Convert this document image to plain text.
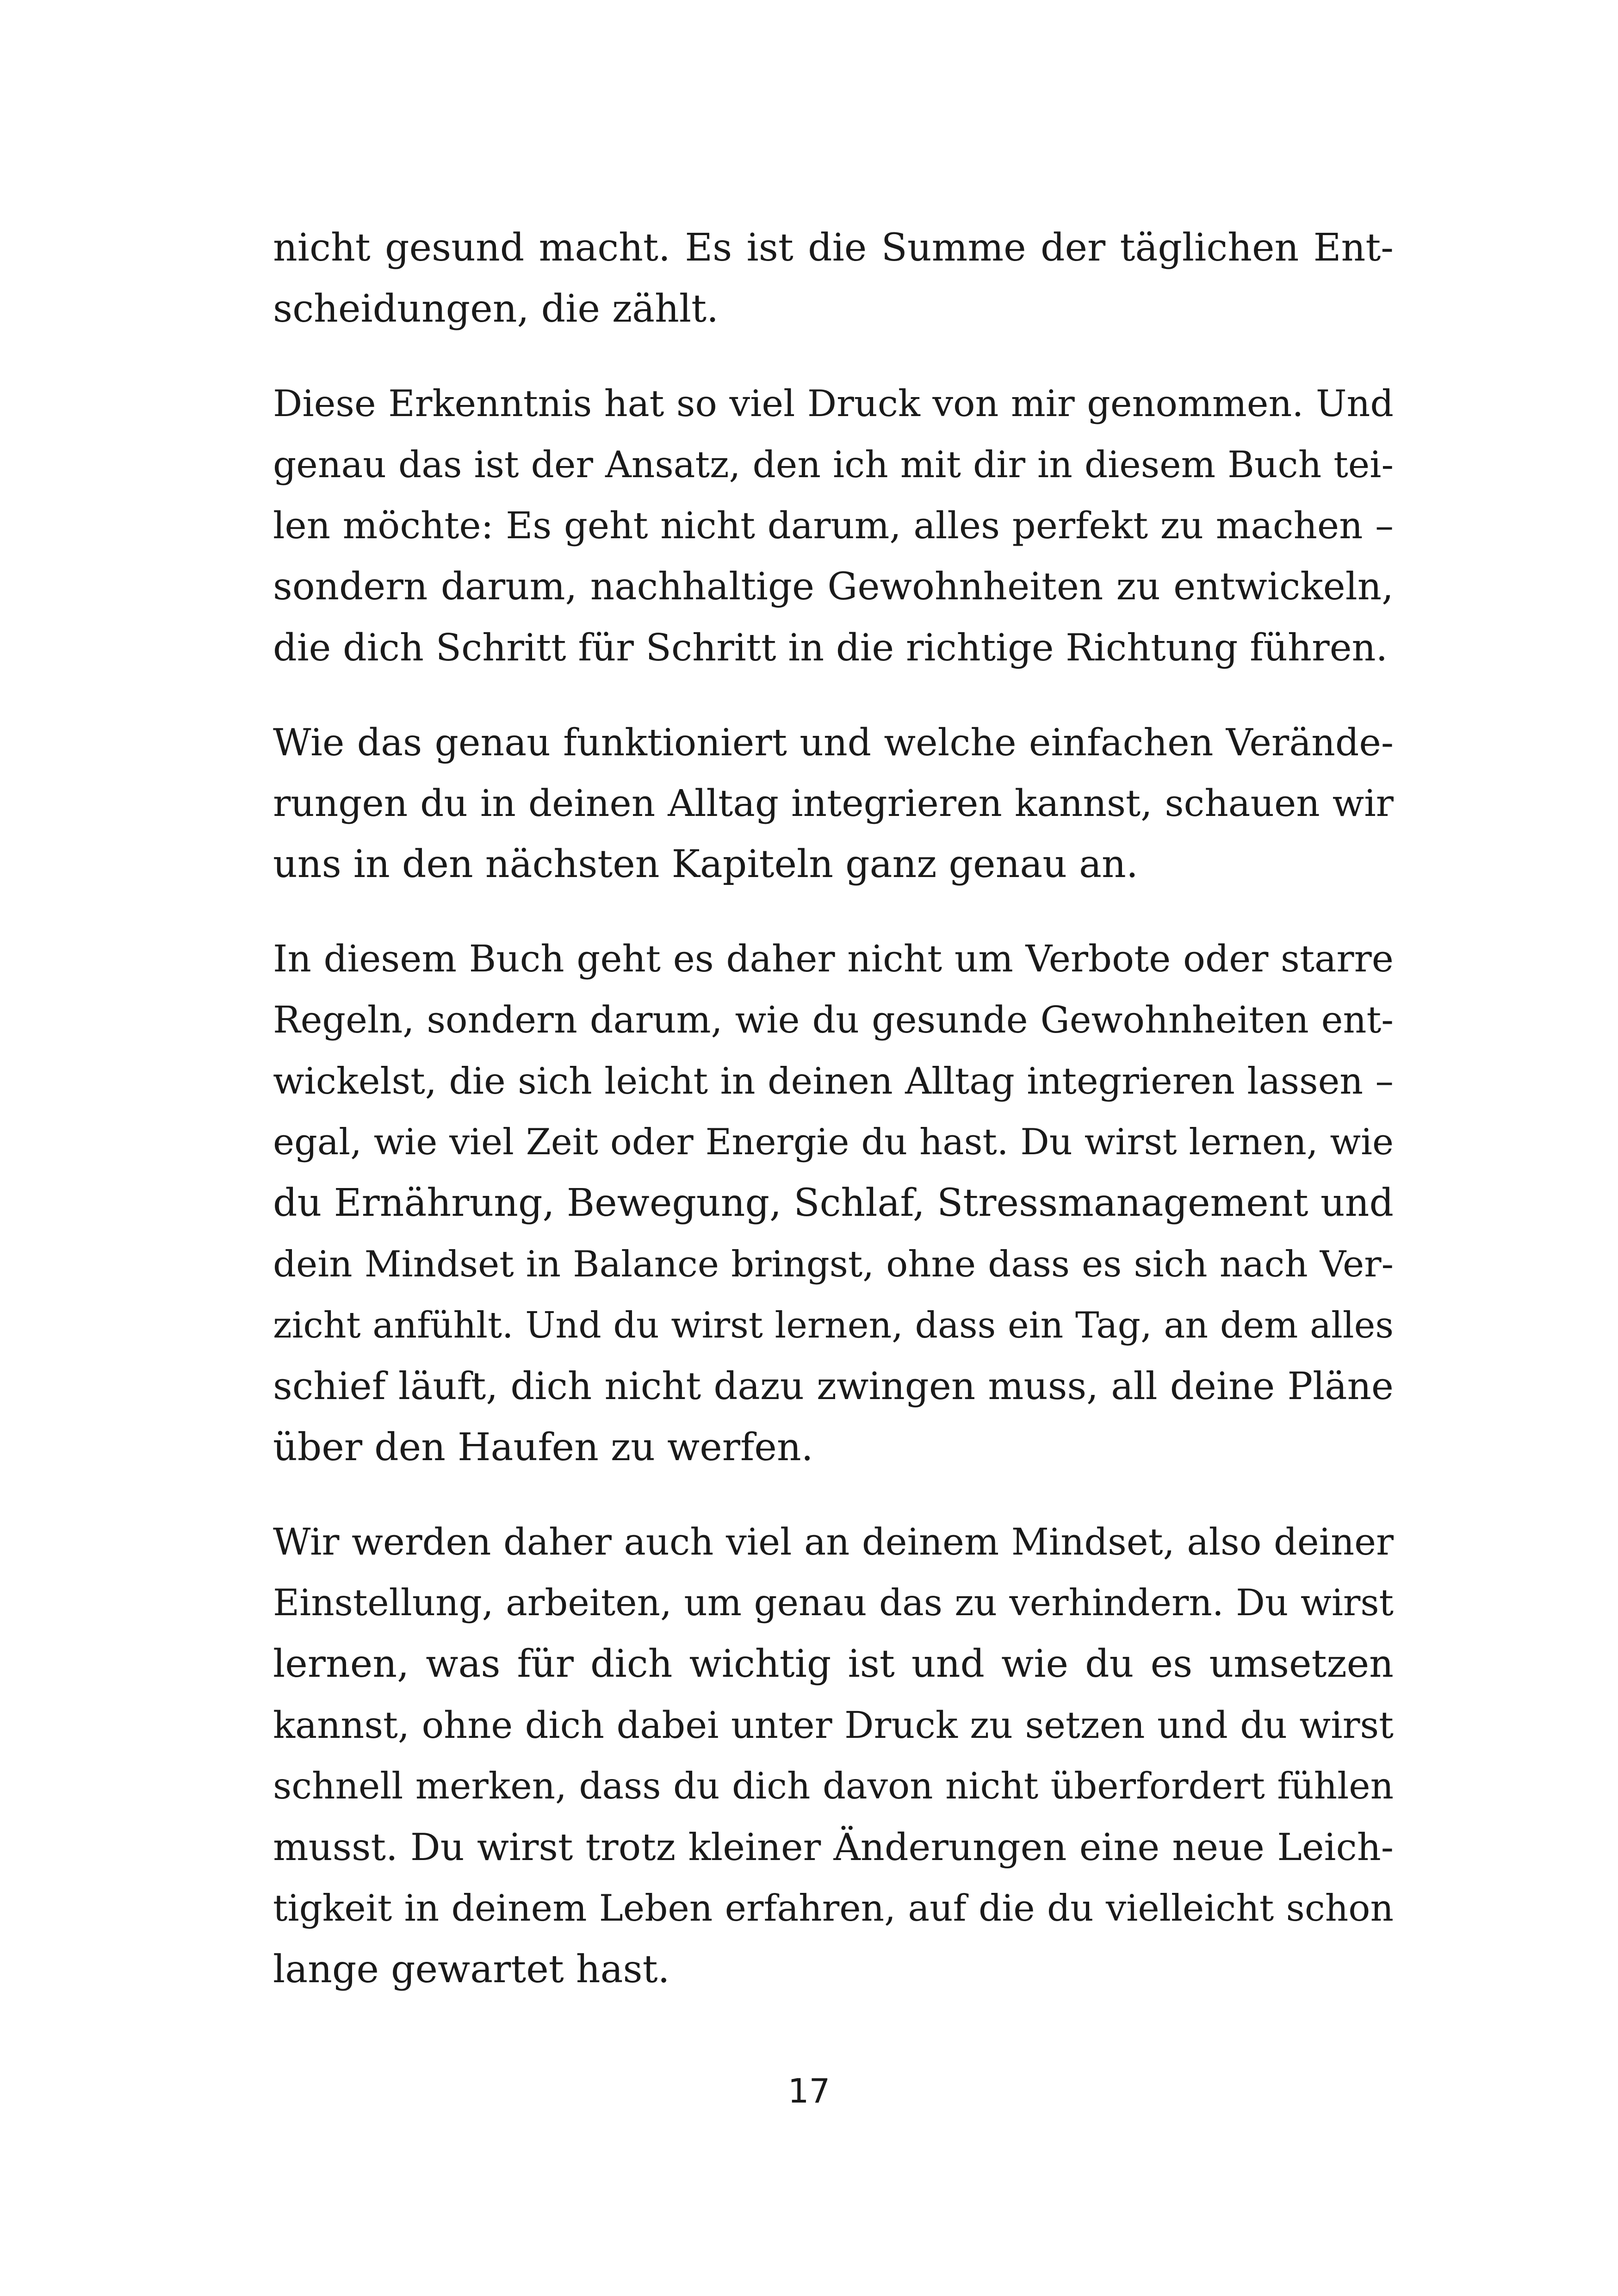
nicht gesund macht. Es ist die Summe der täglichen Ent-
scheidungen, die zählt.
Diese Erkenntnis hat so viel Druck von mir genommen. Und
genau das ist der Ansatz, den ich mit dir in diesem Buch tei-
len möchte: Es geht nicht darum, alles perfekt zu machen –
sondern darum, nachhaltige Gewohnheiten zu entwickeln,
die dich Schritt für Schritt in die richtige Richtung führen.
Wie das genau funktioniert und welche einfachen Verände-
rungen du in deinen Alltag integrieren kannst, schauen wir
uns in den nächsten Kapiteln ganz genau an.
In diesem Buch geht es daher nicht um Verbote oder starre
Regeln, sondern darum, wie du gesunde Gewohnheiten ent-
wickelst, die sich leicht in deinen Alltag integrieren lassen –
egal, wie viel Zeit oder Energie du hast. Du wirst lernen, wie
du Ernährung, Bewegung, Schlaf, Stressmanagement und
dein Mindset in Balance bringst, ohne dass es sich nach Ver-
zicht anfühlt. Und du wirst lernen, dass ein Tag, an dem alles
schief läuft, dich nicht dazu zwingen muss, all deine Pläne
über den Haufen zu werfen.
Wir werden daher auch viel an deinem Mindset, also deiner
Einstellung, arbeiten, um genau das zu verhindern. Du wirst
lernen, was für dich wichtig ist und wie du es umsetzen
kannst, ohne dich dabei unter Druck zu setzen und du wirst
schnell merken, dass du dich davon nicht überfordert fühlen
musst. Du wirst trotz kleiner Änderungen eine neue Leich-
tigkeit in deinem Leben erfahren, auf die du vielleicht schon
lange gewartet hast.
17
